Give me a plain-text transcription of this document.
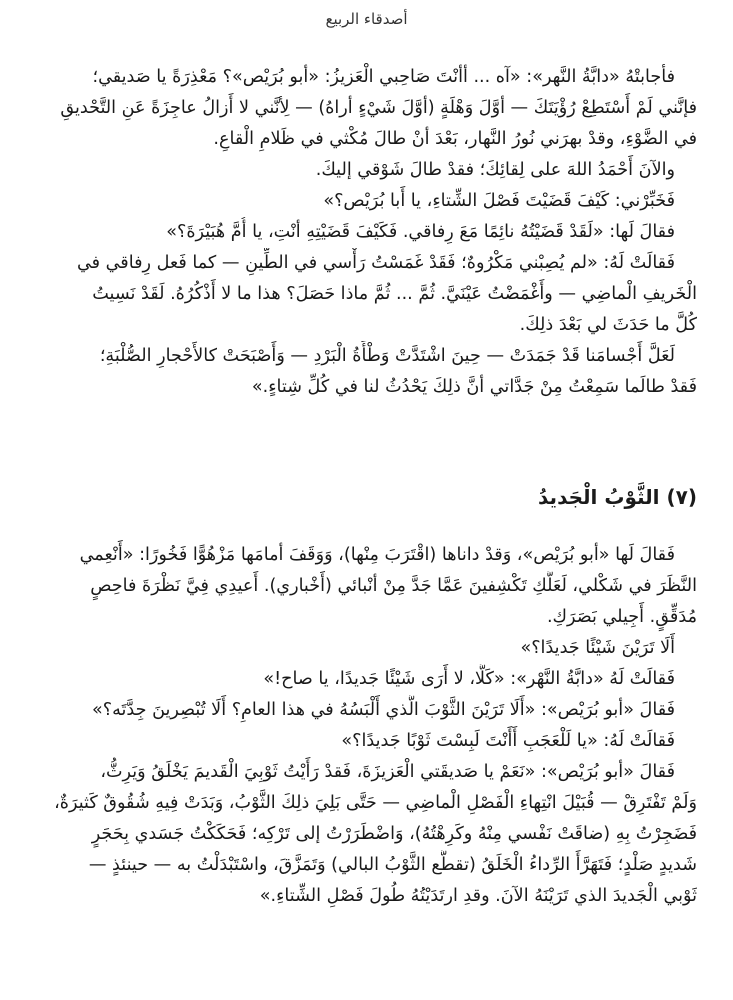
أصدقاء الربيع
فأجابتْهُ «دابَّةُ النَّهر»: «آه ... أأنْتَ صَاحِبي الْعَزيزُ: «أبو بُرَيْص»؟ مَعْذِرَةً يا صَديقي؛
فإنَّني لَمْ أَسْتَطِعْ رُؤْيَتَكَ — أوَّلَ وَهْلَةٍ (أوَّلَ شَيْءٍ أراهُ) — لِأنَّني لا أَزالُ عاجِزَةً عَنِ التَّحْديقِ
في الضَّوْءِ، وقدْ بهرَني نُورُ النَّهار، بَعْدَ أنْ طالَ مُكْثي في ظَلامِ الْقاعِ.
والآنَ أَحْمَدُ اللهَ على لِقائِكَ؛ فقدْ طالَ شَوْقي إليكَ.
فَخَبِّرْني: كَيْفَ قَضَيْتَ فَصْلَ الشِّتاءِ، يا أَبا بُرَيْص؟»
فقالَ لَها: «لَقَدْ قَضَيْتُهُ نائِمًا مَعَ رِفاقي. فَكَيْفَ قَضَيْتِهِ أنْتِ، يا أُمَّ هُبَيْرَةَ؟»
فَقالَتْ لَهُ: «لم يُصِبْني مَكْرُوهٌ؛ فَقَدْ غَمَسْتُ رَأْسي في الطِّينِ — كما فَعل رِفاقي في
الْخَريفِ الْماضِي — وأَغْمَضْتُ عَيْنَيَّ. ثُمَّ ... ثُمَّ ماذا حَصَلَ؟ هذا ما لا أَذْكُرُهُ. لَقَدْ نَسِيتُ
كُلَّ ما حَدَثَ لي بَعْدَ ذلِكَ.
لَعَلَّ أَجْسامَنا قَدْ جَمَدَتْ — حِينَ اشْتَدَّتْ وَطْأَةُ الْبَرْدِ — وَأَصْبَحَتْ كالأَحْجارِ الصُّلْبَةِ؛
فَقدْ طالَما سَمِعْتُ مِنْ جَدَّاتي أنَّ ذلِكَ يَحْدُثُ لنا في كُلِّ شِتاءٍ.»
(٧) الثَّوْبُ الْجَديدُ
فَقالَ لَها «أبو بُرَيْص»، وَقدْ داناها (اقْتَرَبَ مِنْها)، وَوَقَفَ أمامَها مَزْهُوًّا فَخُورًا: «أَنْعِمي
النَّظَرَ في شَكْلي، لَعَلَّكِ تَكْشِفينَ عَمَّا جَدَّ مِنْ أنْبائي (أَخْباري). أَعيدِي فِيَّ نَظْرَةَ فاحِصٍ
مُدَقِّقٍ. أَجِيلي بَصَرَكِ.
أَلَا تَرَيْنَ شَيْئًا جَديدًا؟»
فَقالَتْ لَهُ «دابَّةُ النَّهْر»: «كَلَّا، لا أَرَى شَيْئًا جَديدًا، يا صاح!»
فَقالَ «أبو بُرَيْص»: «أَلَا تَرَيْنَ الثَّوْبَ الَّذي أَلْبَسُهُ في هذا العامِ؟ أَلَا تُبْصِرينَ جِدَّتَه؟»
فَقالَتْ لَهُ: «يا لَلْعَجَبِ أَأَنْتَ لَبِسْتَ ثَوْبًا جَديدًا؟»
فَقالَ «أبو بُرَيْص»: «نَعَمْ يا صَديقَتي الْعَزيزَةَ، فَقدْ رَأَيْتُ ثَوْبِيَ الْقَديمَ يَخْلَقُ وَيَرِثُّ،
وَلَمْ تَفْتَرِقْ — قُبَيْلَ انْتِهاءِ الْفَصْلِ الْماضِي — حَتَّى بَلِيَ ذلِكَ الثَّوْبُ، وَبَدَتْ فِيهِ شُقُوقٌ كَثيرَةٌ،
فَضَجِرْتُ بِهِ (ضاقَتْ نَفْسي مِنْهُ وكَرِهْتُهُ)، وَاضْطَرَرْتُ إلى تَرْكِه؛ فَحَكَكْتُ جَسَدي بِحَجَرٍ
شَديدٍ صَلْدٍ؛ فَتَهَرَّأَ الرِّداءُ الْخَلَقُ (تقطَّع الثَّوْبُ البالي) وَتَمَزَّقَ، واسْتَبْدَلْتُ به — حينئذٍ —
ثَوْبي الْجَديدَ الذي تَرَيْنَهُ الآنَ. وقدِ ارتَدَيْتُهُ طُولَ فَصْلِ الشِّتاءِ.»
